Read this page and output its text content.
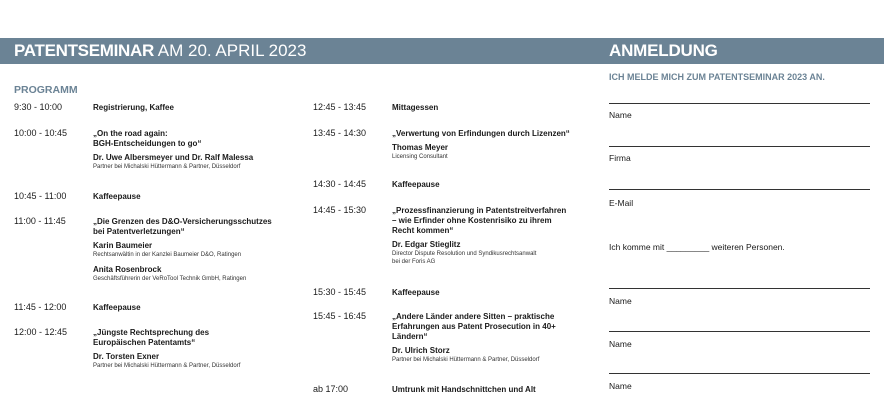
PATENTSEMINAR AM 20. APRIL 2023	ANMELDUNG
PROGRAMM
ICH MELDE MICH ZUM PATENTSEMINAR 2023 AN.
9:30 - 10:00	Registrierung, Kaffee
10:00 - 10:45	„On the road again:
BGH-Entscheidungen to go“
Dr. Uwe Albersmeyer und Dr. Ralf Malessa
Partner bei Michalski Hüttermann & Partner, Düsseldorf
10:45 - 11:00	Kaffeepause
11:00 - 11:45	„Die Grenzen des D&O-Versicherungsschutzes
bei Patentverletzungen“
Karin Baumeier
Rechtsanwältin in der Kanzlei Baumeier D&O, Ratingen
Anita Rosenbrock
Geschäftsführerin der VeRoTool Technik GmbH, Ratingen
11:45 - 12:00	Kaffeepause
12:00 - 12:45	„Jüngste Rechtsprechung des
Europäischen Patentamts“
Dr. Torsten Exner
Partner bei Michalski Hüttermann & Partner, Düsseldorf
12:45 - 13:45	Mittagessen
13:45 - 14:30	„Verwertung von Erfindungen durch Lizenzen“
Thomas Meyer
Licensing Consultant
14:30 - 14:45	Kaffeepause
14:45 - 15:30	„Prozessfinanzierung in Patentstreitverfahren
– wie Erfinder ohne Kostenrisiko zu ihrem
Recht kommen“
Dr. Edgar Stieglitz
Director Dispute Resolution und Syndikusrechtsanwalt
bei der Foris AG
15:30 - 15:45	Kaffeepause
15:45 - 16:45	„Andere Länder andere Sitten – praktische
Erfahrungen aus Patent Prosecution in 40+
Ländern“
Dr. Ulrich Storz
Partner bei Michalski Hüttermann & Partner, Düsseldorf
ab 17:00	Umtrunk mit Handschnittchen und Alt
Name
Firma
E-Mail
Name
Name
Name
Ich komme mit _________ weiteren Personen.
